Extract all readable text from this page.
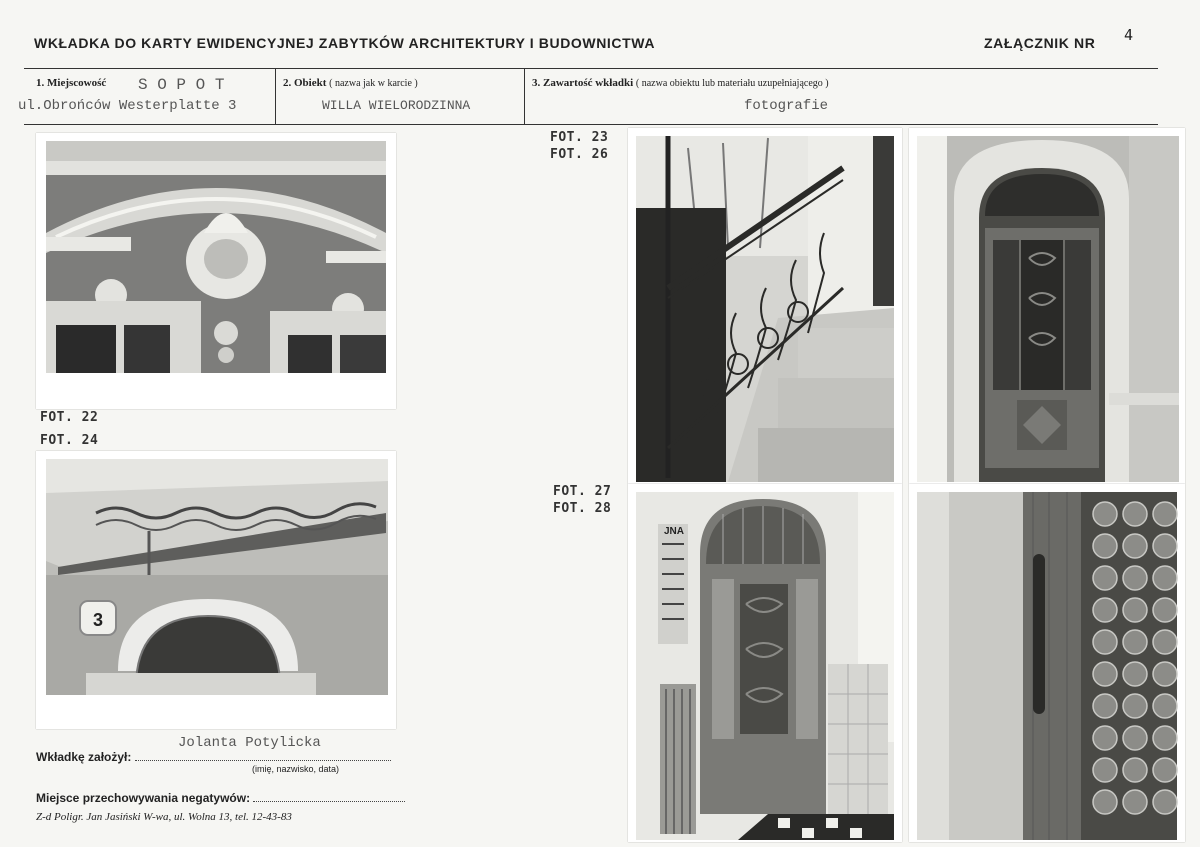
WKŁADKA DO KARTY EWIDENCYJNEJ ZABYTKÓW ARCHITEKTURY I BUDOWNICTWA	ZAŁĄCZNIK NR 4
1. Miejscowość S O P O T
ul.Obrońców Westerplatte 3
2. Obiekt ( nazwa jak w karcie )
WILLA WIELORODZINNA
3. Zawartość wkładki ( nazwa obiektu lub materiału uzupełniającego )
fotografie
FOT. 22
FOT. 24
3
FOT. 23
FOT. 26
FOT. 27
FOT. 28
JNA
Wkładkę założył:
Jolanta Potylicka
(imię, nazwisko, data)
Miejsce przechowywania negatywów:
Z-d Poligr. Jan Jasiński W-wa, ul. Wolna 13, tel. 12-43-83
